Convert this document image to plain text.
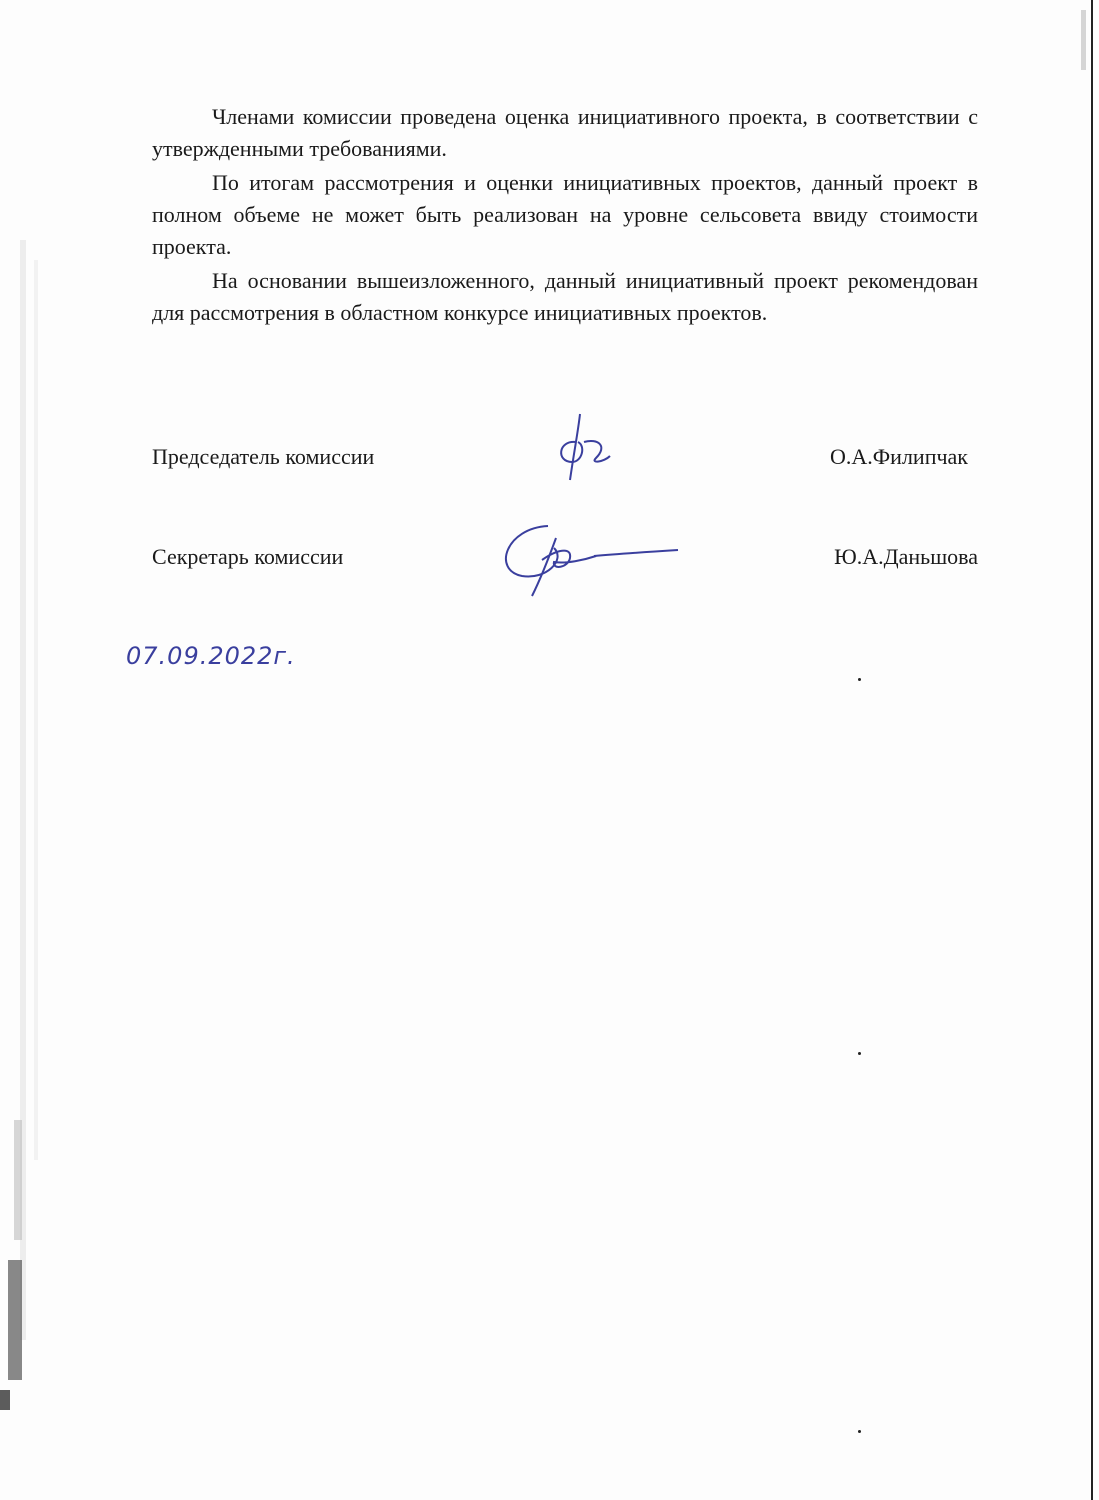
Членами комиссии проведена оценка инициативного проекта, в соответствии с утвержденными требованиями.

По итогам рассмотрения и оценки инициативных проектов, данный проект в полном объеме не может быть реализован на уровне сельсовета ввиду стоимости проекта.

На основании вышеизложенного, данный инициативный проект рекомендован для рассмотрения в областном конкурсе инициативных проектов.

Председатель комиссии	О.А.Филипчак
Секретарь комиссии	Ю.А.Даньшова
07.09.2022г.
